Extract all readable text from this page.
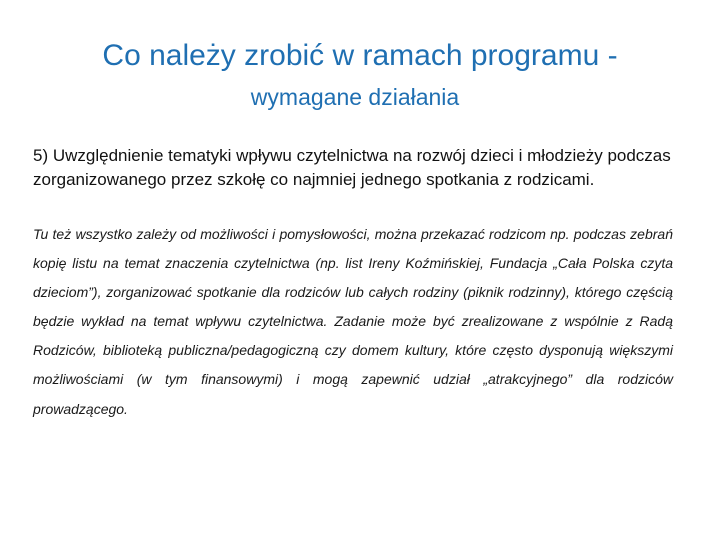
Co należy zrobić w ramach programu -
wymagane działania

5) Uwzględnienie tematyki wpływu czytelnictwa na rozwój dzieci i młodzieży podczas zorganizowanego przez szkołę co najmniej jednego spotkania z rodzicami.

Tu też wszystko zależy od możliwości i pomysłowości, można przekazać rodzicom np. podczas zebrań kopię listu na temat znaczenia czytelnictwa (np. list Ireny Koźmińskiej, Fundacja „Cała Polska czyta dzieciom”), zorganizować spotkanie dla rodziców lub całych rodziny (piknik rodzinny), którego częścią będzie wykład na temat wpływu czytelnictwa. Zadanie może być zrealizowane z wspólnie z Radą Rodziców, biblioteką publiczna/pedagogiczną czy domem kultury, które często dysponują większymi możliwościami (w tym finansowymi) i mogą zapewnić udział „atrakcyjnego” dla rodziców prowadzącego.
